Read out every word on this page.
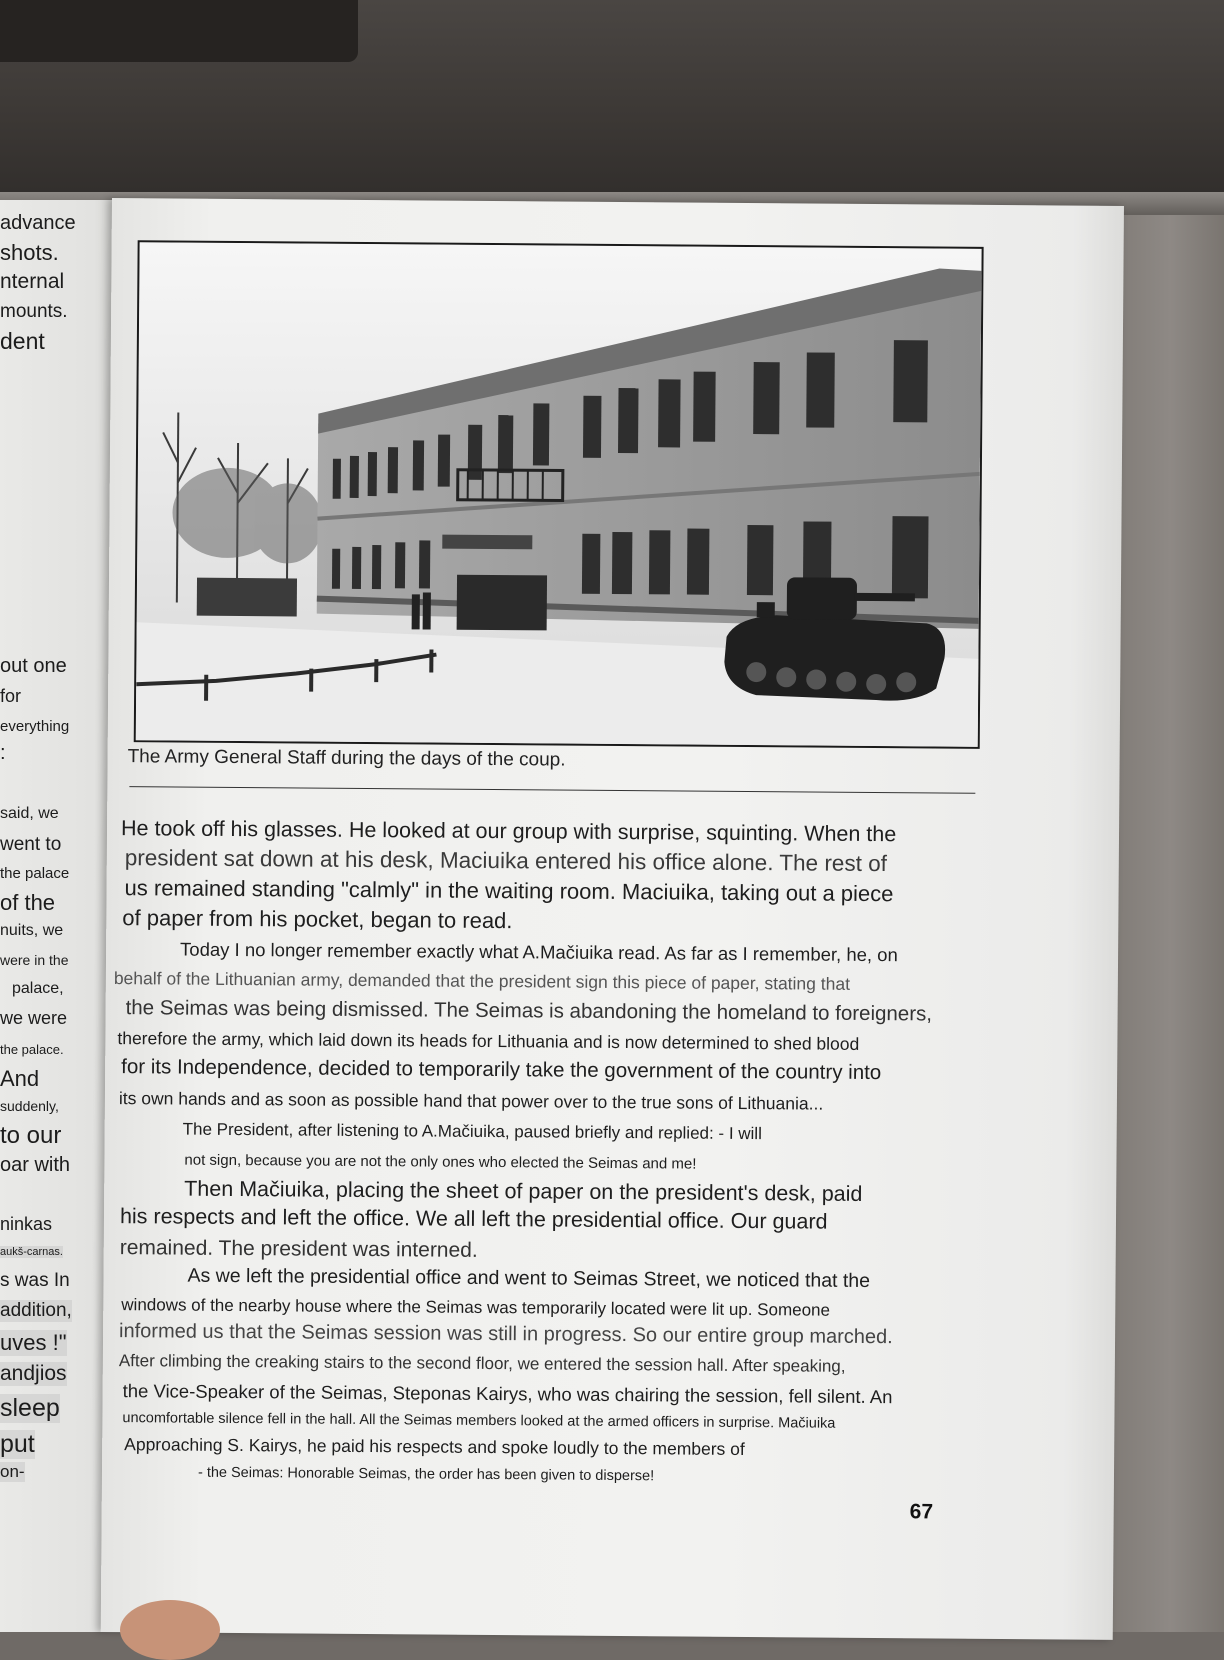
advance
shots.
nternal
mounts.
dent
out one
for
everything
:
said, we
went to
the palace
of the
nuits, we
were in the
palace,
we were
the palace.
And
suddenly,
to our
oar with
ninkas
aukš-carnas.
s was In
addition,
uves !"
andjios
sleep
put
on-
The Army General Staff during the days of the coup.
He took off his glasses. He looked at our group with surprise, squinting. When the
president sat down at his desk, Maciuika entered his office alone. The rest of
us remained standing "calmly" in the waiting room. Maciuika, taking out a piece
of paper from his pocket, began to read.
Today I no longer remember exactly what A.Mačiuika read. As far as I remember, he, on
behalf of the Lithuanian army, demanded that the president sign this piece of paper, stating that
the Seimas was being dismissed. The Seimas is abandoning the homeland to foreigners,
therefore the army, which laid down its heads for Lithuania and is now determined to shed blood
for its Independence, decided to temporarily take the government of the country into
its own hands and as soon as possible hand that power over to the true sons of Lithuania...
The President, after listening to A.Mačiuika, paused briefly and replied: - I will
not sign, because you are not the only ones who elected the Seimas and me!
Then Mačiuika, placing the sheet of paper on the president's desk, paid
his respects and left the office. We all left the presidential office. Our guard
remained. The president was interned.
As we left the presidential office and went to Seimas Street, we noticed that the
windows of the nearby house where the Seimas was temporarily located were lit up. Someone
informed us that the Seimas session was still in progress. So our entire group marched.
After climbing the creaking stairs to the second floor, we entered the session hall. After speaking,
the Vice-Speaker of the Seimas, Steponas Kairys, who was chairing the session, fell silent. An
uncomfortable silence fell in the hall. All the Seimas members looked at the armed officers in surprise. Mačiuika
Approaching S. Kairys, he paid his respects and spoke loudly to the members of
- the Seimas: Honorable Seimas, the order has been given to disperse!
67
